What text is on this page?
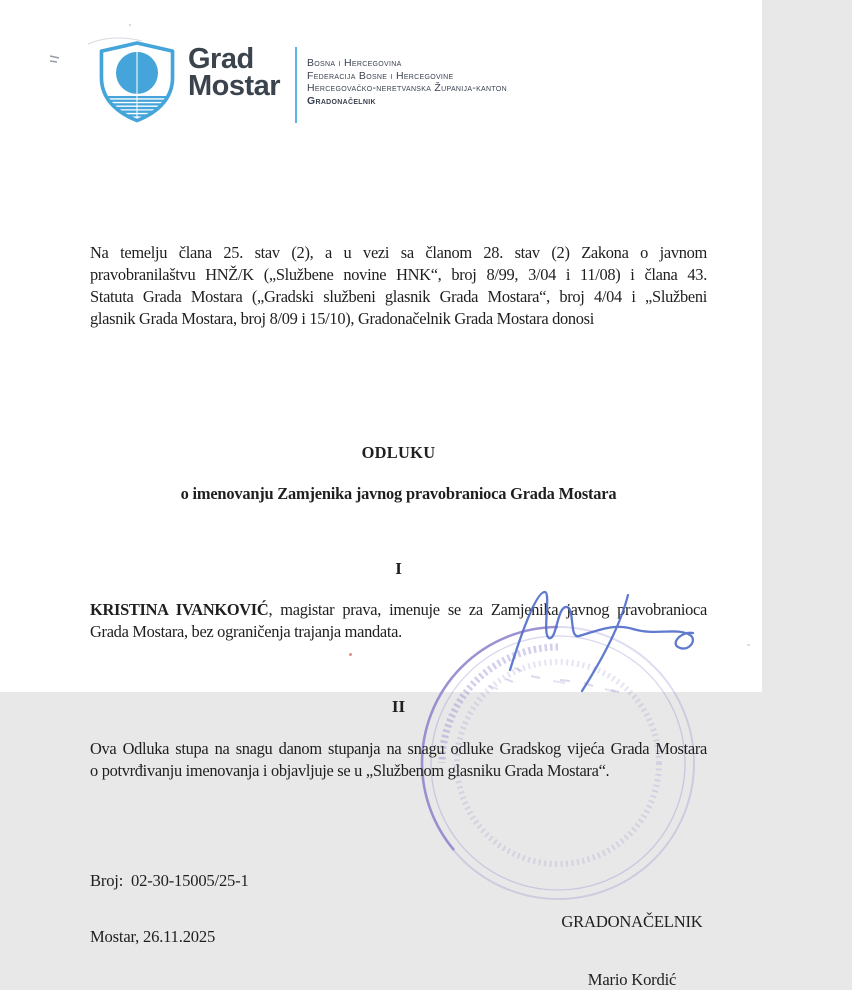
Grad
Mostar
Bosna i Hercegovina
Federacija Bosne i Hercegovine
Hercegovačko-neretvanska Županija-kanton
Gradonačelnik
Na temelju člana 25. stav (2), a u vezi sa članom 28. stav (2) Zakona o javnom
pravobranilaštvu HNŽ/K („Službene novine HNK“, broj 8/99, 3/04 i 11/08) i člana 43.
Statuta Grada Mostara („Gradski službeni glasnik Grada Mostara“, broj 4/04 i „Službeni
glasnik Grada Mostara, broj 8/09 i 15/10), Gradonačelnik Grada Mostara donosi
ODLUKU
o imenovanju Zamjenika javnog pravobranioca Grada Mostara
I
KRISTINA IVANKOVIĆ, magistar prava, imenuje se za Zamjenika javnog pravobranioca
Grada Mostara, bez ograničenja trajanja mandata.
II
Ova Odluka stupa na snagu danom stupanja na snagu odluke Gradskog vijeća Grada Mostara
o potvrđivanju imenovanja i objavljuje se u „Službenom glasniku Grada Mostara“.
Broj:  02-30-15005/25-1
Mostar, 26.11.2025
GRADONAČELNIK
Mario Kordić
